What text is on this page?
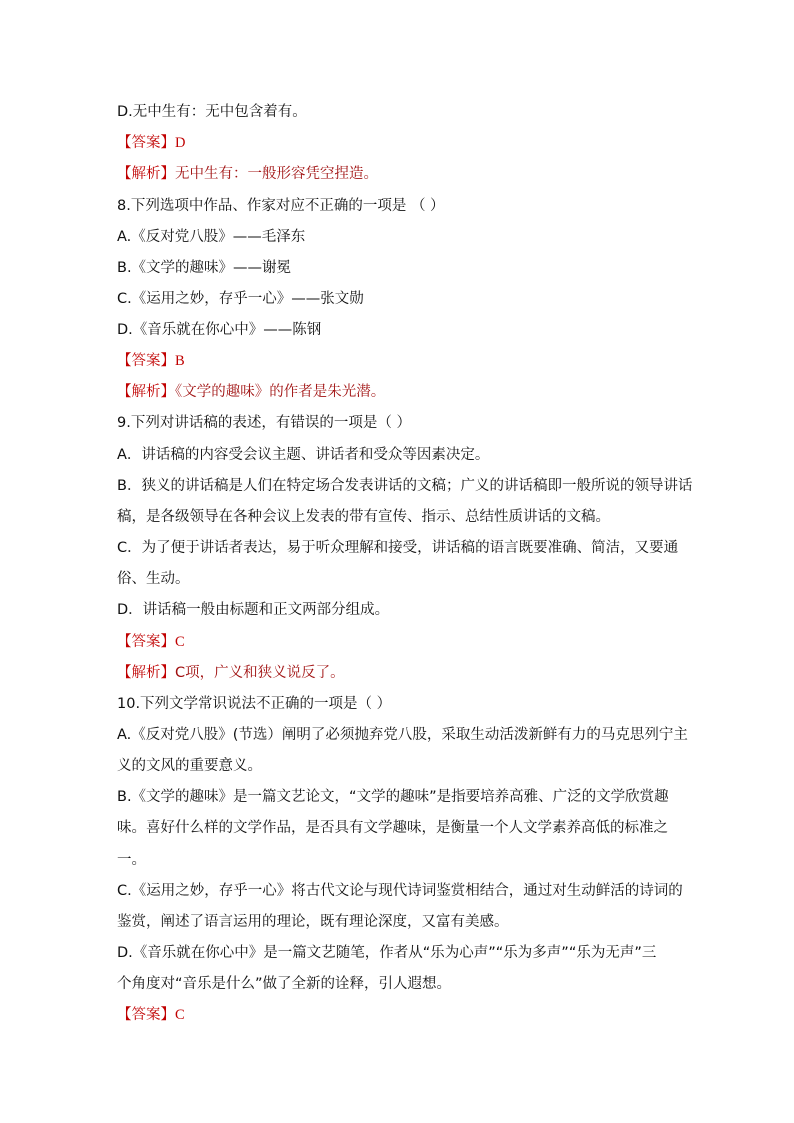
D.无中生有：无中包含着有。
【答案】D
【解析】无中生有：一般形容凭空捏造。
8.下列选项中作品、作家对应不正确的一项是 （ ）
A.《反对党八股》——毛泽东
B.《文学的趣味》——谢冕
C.《运用之妙，存乎一心》——张文勋
D.《音乐就在你心中》——陈钢
【答案】B
【解析】《文学的趣味》的作者是朱光潜。
9.下列对讲话稿的表述，有错误的一项是（ ）
A．讲话稿的内容受会议主题、讲话者和受众等因素决定。
B．狭义的讲话稿是人们在特定场合发表讲话的文稿；广义的讲话稿即一般所说的领导讲话
稿，是各级领导在各种会议上发表的带有宣传、指示、总结性质讲话的文稿。
C．为了便于讲话者表达，易于听众理解和接受，讲话稿的语言既要准确、简洁，又要通
俗、生动。
D．讲话稿一般由标题和正文两部分组成。
【答案】C
【解析】C项，广义和狭义说反了。
10.下列文学常识说法不正确的一项是（ ）
A.《反对党八股》(节选）阐明了必须抛弃党八股，采取生动活泼新鲜有力的马克思列宁主
义的文风的重要意义。
B.《文学的趣味》是一篇文艺论文，“文学的趣味”是指要培养高雅、广泛的文学欣赏趣
味。喜好什么样的文学作品，是否具有文学趣味，是衡量一个人文学素养高低的标准之
一。
C.《运用之妙，存乎一心》将古代文论与现代诗词鉴赏相结合，通过对生动鲜活的诗词的
鉴赏，阐述了语言运用的理论，既有理论深度，又富有美感。
D.《音乐就在你心中》是一篇文艺随笔，作者从“乐为心声”“乐为多声”“乐为无声”三
个角度对“音乐是什么”做了全新的诠释，引人遐想。
【答案】C
